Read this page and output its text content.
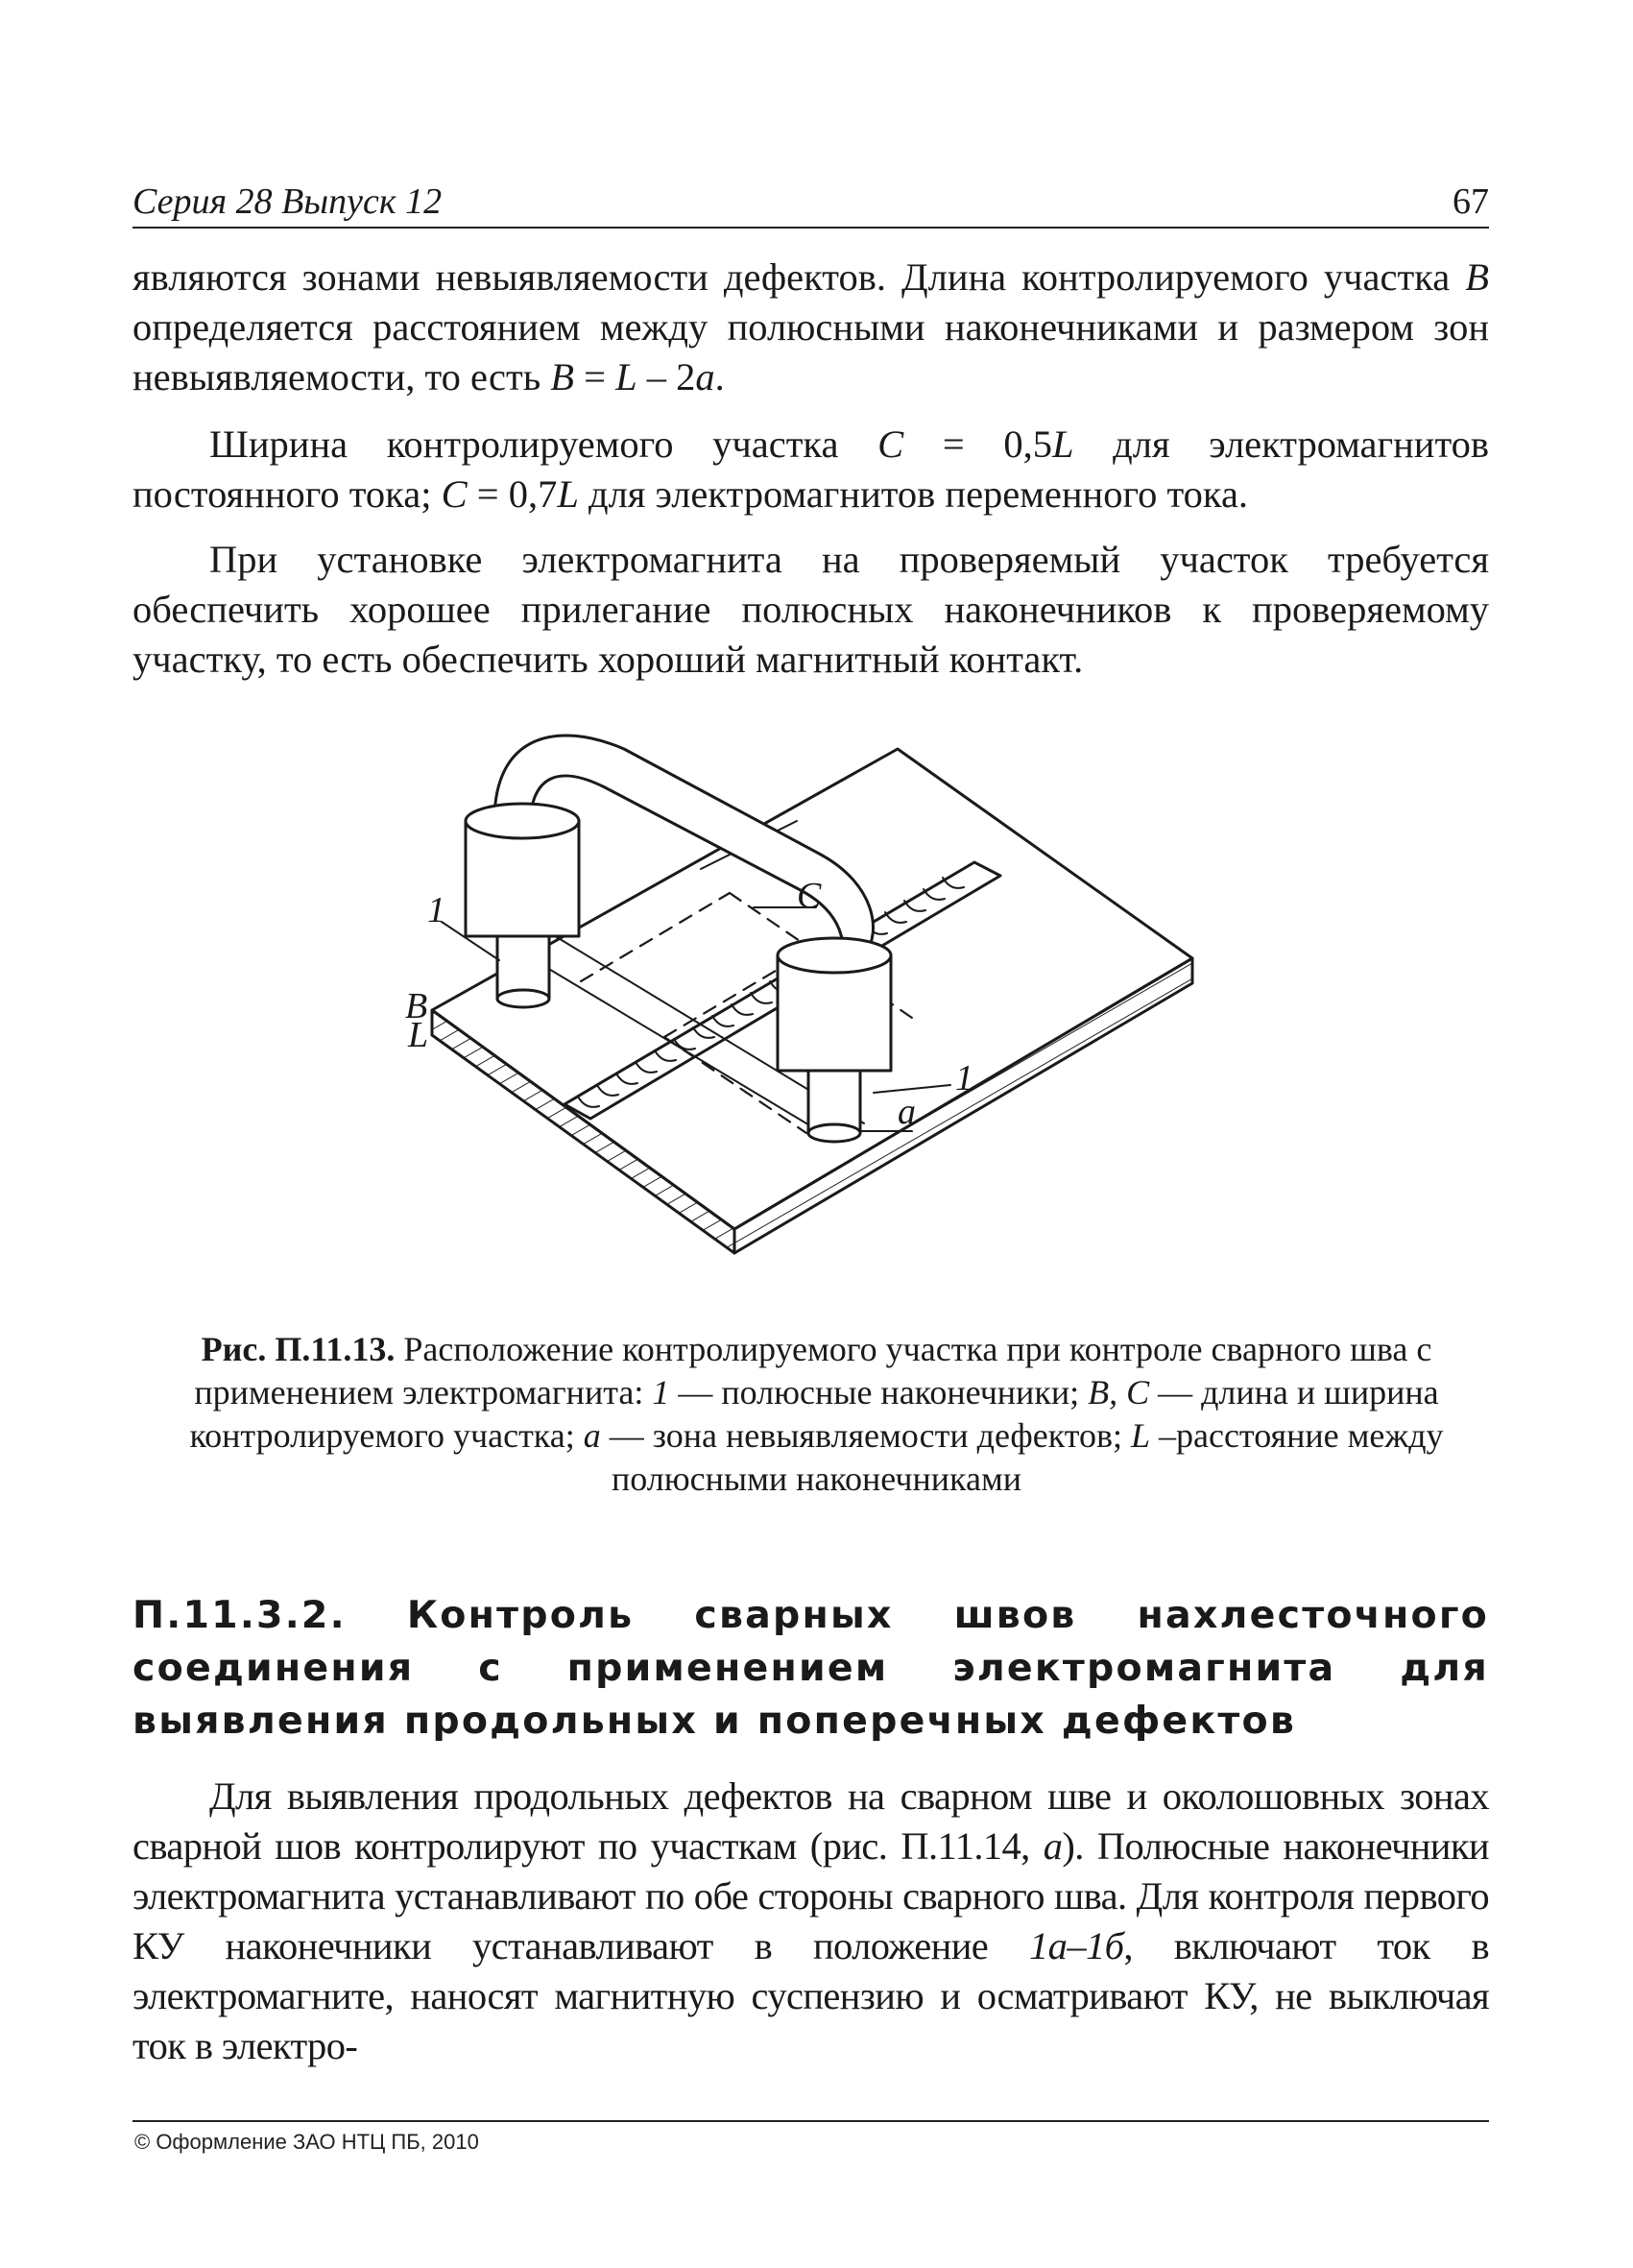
Серия 28 Выпуск 12	67

являются зонами невыявляемости дефектов. Длина контролируемого участка B определяется расстоянием между полюсными наконечниками и размером зон невыявляемости, то есть B = L – 2a.

Ширина контролируемого участка C = 0,5L для электромагнитов постоянного тока; C = 0,7L для электромагнитов переменного тока.

При установке электромагнита на проверяемый участок требуется обеспечить хорошее прилегание полюсных наконечников к проверяемому участку, то есть обеспечить хороший магнитный контакт.

1
1
B
L
C
a

Рис. П.11.13. Расположение контролируемого участка при контроле сварного шва с применением электромагнита: 1 — полюсные наконечники; B, C — длина и ширина контролируемого участка; a — зона невыявляемости дефектов; L –расстояние между полюсными наконечниками

П.11.3.2. Контроль сварных швов нахлесточного соединения с применением электромагнита для выявления продольных и поперечных дефектов

Для выявления продольных дефектов на сварном шве и околошовных зонах сварной шов контролируют по участкам (рис. П.11.14, а). Полюсные наконечники электромагнита устанавливают по обе стороны сварного шва. Для контроля первого КУ наконечники устанавливают в положение 1а–1б, включают ток в электромагните, наносят магнитную суспензию и осматривают КУ, не выключая ток в электро-

© Оформление ЗАО НТЦ ПБ, 2010
